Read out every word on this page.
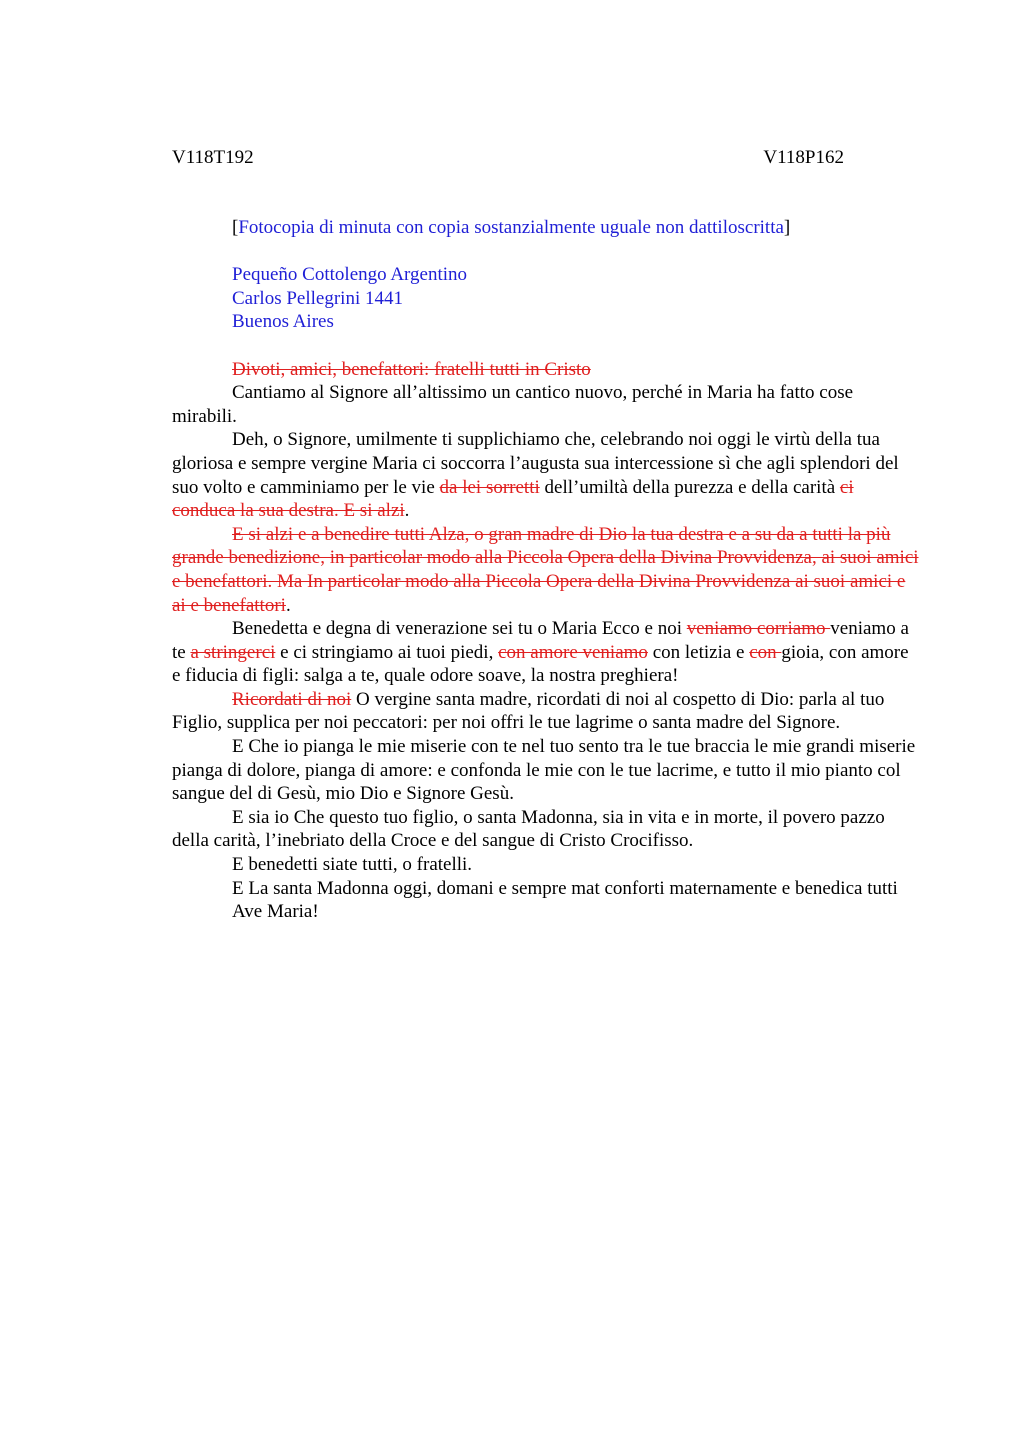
V118T192	V118P162

[Fotocopia di minuta con copia sostanzialmente uguale non dattiloscritta]

Pequeño Cottolengo Argentino

Carlos Pellegrini 1441

Buenos Aires

Divoti, amici, benefattori: fratelli tutti in Cristo

Cantiamo al Signore all’altissimo un cantico nuovo, perché in Maria ha fatto cose mirabili.

Deh, o Signore, umilmente ti supplichiamo che, celebrando noi oggi le virtù della tua gloriosa e sempre vergine Maria ci soccorra l’augusta sua intercessione sì che agli splendori del suo volto e camminiamo per le vie da lei sorretti dell’umiltà della purezza e della carità ci conduca la sua destra. E si alzi.

E si alzi e a benedire tutti Alza, o gran madre di Dio la tua destra e a su da a tutti la più grande benedizione, in particolar modo alla Piccola Opera della Divina Provvidenza, ai suoi amici e benefattori. Ma In particolar modo alla Piccola Opera della Divina Provvidenza ai suoi amici e ai e benefattori.

Benedetta e degna di venerazione sei tu o Maria Ecco e noi veniamo corriamo veniamo a te a stringerci e ci stringiamo ai tuoi piedi, con amore veniamo con letizia e con gioia, con amore e fiducia di figli: salga a te, quale odore soave, la nostra preghiera!

Ricordati di noi O vergine santa madre, ricordati di noi al cospetto di Dio: parla al tuo Figlio, supplica per noi peccatori: per noi offri le tue lagrime o santa madre del Signore.

E Che io pianga le mie miserie con te nel tuo sento tra le tue braccia le mie grandi miserie pianga di dolore, pianga di amore: e confonda le mie con le tue lacrime, e tutto il mio pianto col sangue del di Gesù, mio Dio e Signore Gesù.

E sia io Che questo tuo figlio, o santa Madonna, sia in vita e in morte, il povero pazzo della carità, l’inebriato della Croce e del sangue di Cristo Crocifisso.

E benedetti siate tutti, o fratelli.

E La santa Madonna oggi, domani e sempre mat conforti maternamente e benedica tutti

Ave Maria!
